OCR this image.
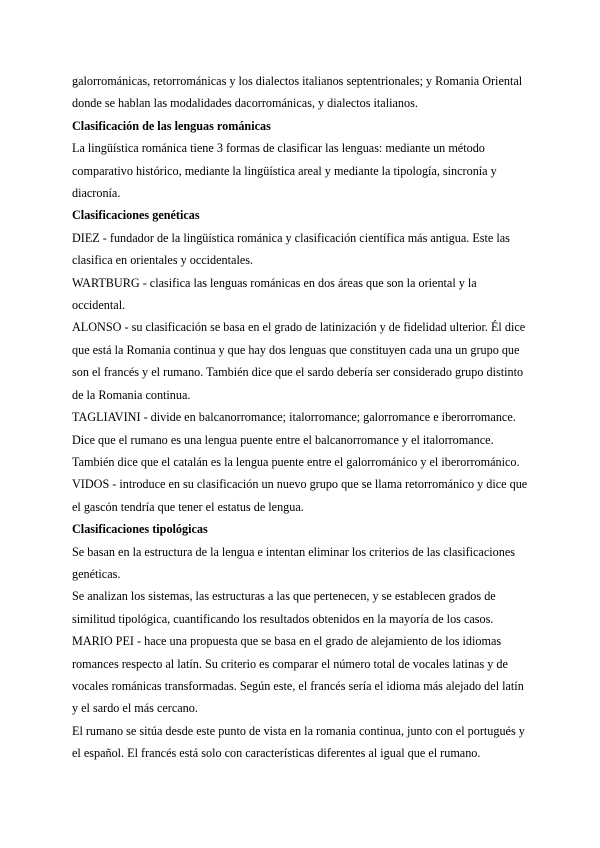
galorrománicas, retorrománicas y los dialectos italianos septentrionales; y Romania Oriental donde se hablan las modalidades dacorrománicas, y dialectos italianos.

Clasificación de las lenguas románicas

La lingüística románica tiene 3 formas de clasificar las lenguas: mediante un método comparativo histórico, mediante la lingüística areal y mediante la tipología, sincronía y diacronía.

Clasificaciones genéticas

DIEZ - fundador de la lingüística románica y clasificación científica más antigua. Este las clasifica en orientales y occidentales.

WARTBURG - clasifica las lenguas románicas en dos áreas que son la oriental y la occidental.

ALONSO - su clasificación se basa en el grado de latinización y de fidelidad ulterior. Él dice que está la Romania continua y que hay dos lenguas que constituyen cada una un grupo que son el francés y el rumano. También dice que el sardo debería ser considerado grupo distinto de la Romania continua.

TAGLIAVINI - divide en balcanorromance; italorromance; galorromance e iberorromance. Dice que el rumano es una lengua puente entre el balcanorromance y el italorromance. También dice que el catalán es la lengua puente entre el galorrománico y el iberorrománico.

VIDOS - introduce en su clasificación un nuevo grupo que se llama retorrománico y dice que el gascón tendría que tener el estatus de lengua.

Clasificaciones tipológicas

Se basan en la estructura de la lengua e intentan eliminar los criterios de las clasificaciones genéticas.

Se analizan los sistemas, las estructuras a las que pertenecen, y se establecen grados de similitud tipológica, cuantificando los resultados obtenidos en la mayoría de los casos.

MARIO PEI - hace una propuesta que se basa en el grado de alejamiento de los idiomas romances respecto al latín. Su criterio es comparar el número total de vocales latinas y de vocales románicas transformadas. Según este, el francés sería el idioma más alejado del latín y el sardo el más cercano.

El rumano se sitúa desde este punto de vista en la romania continua, junto con el portugués y el español. El francés está solo con características diferentes al igual que el rumano.
